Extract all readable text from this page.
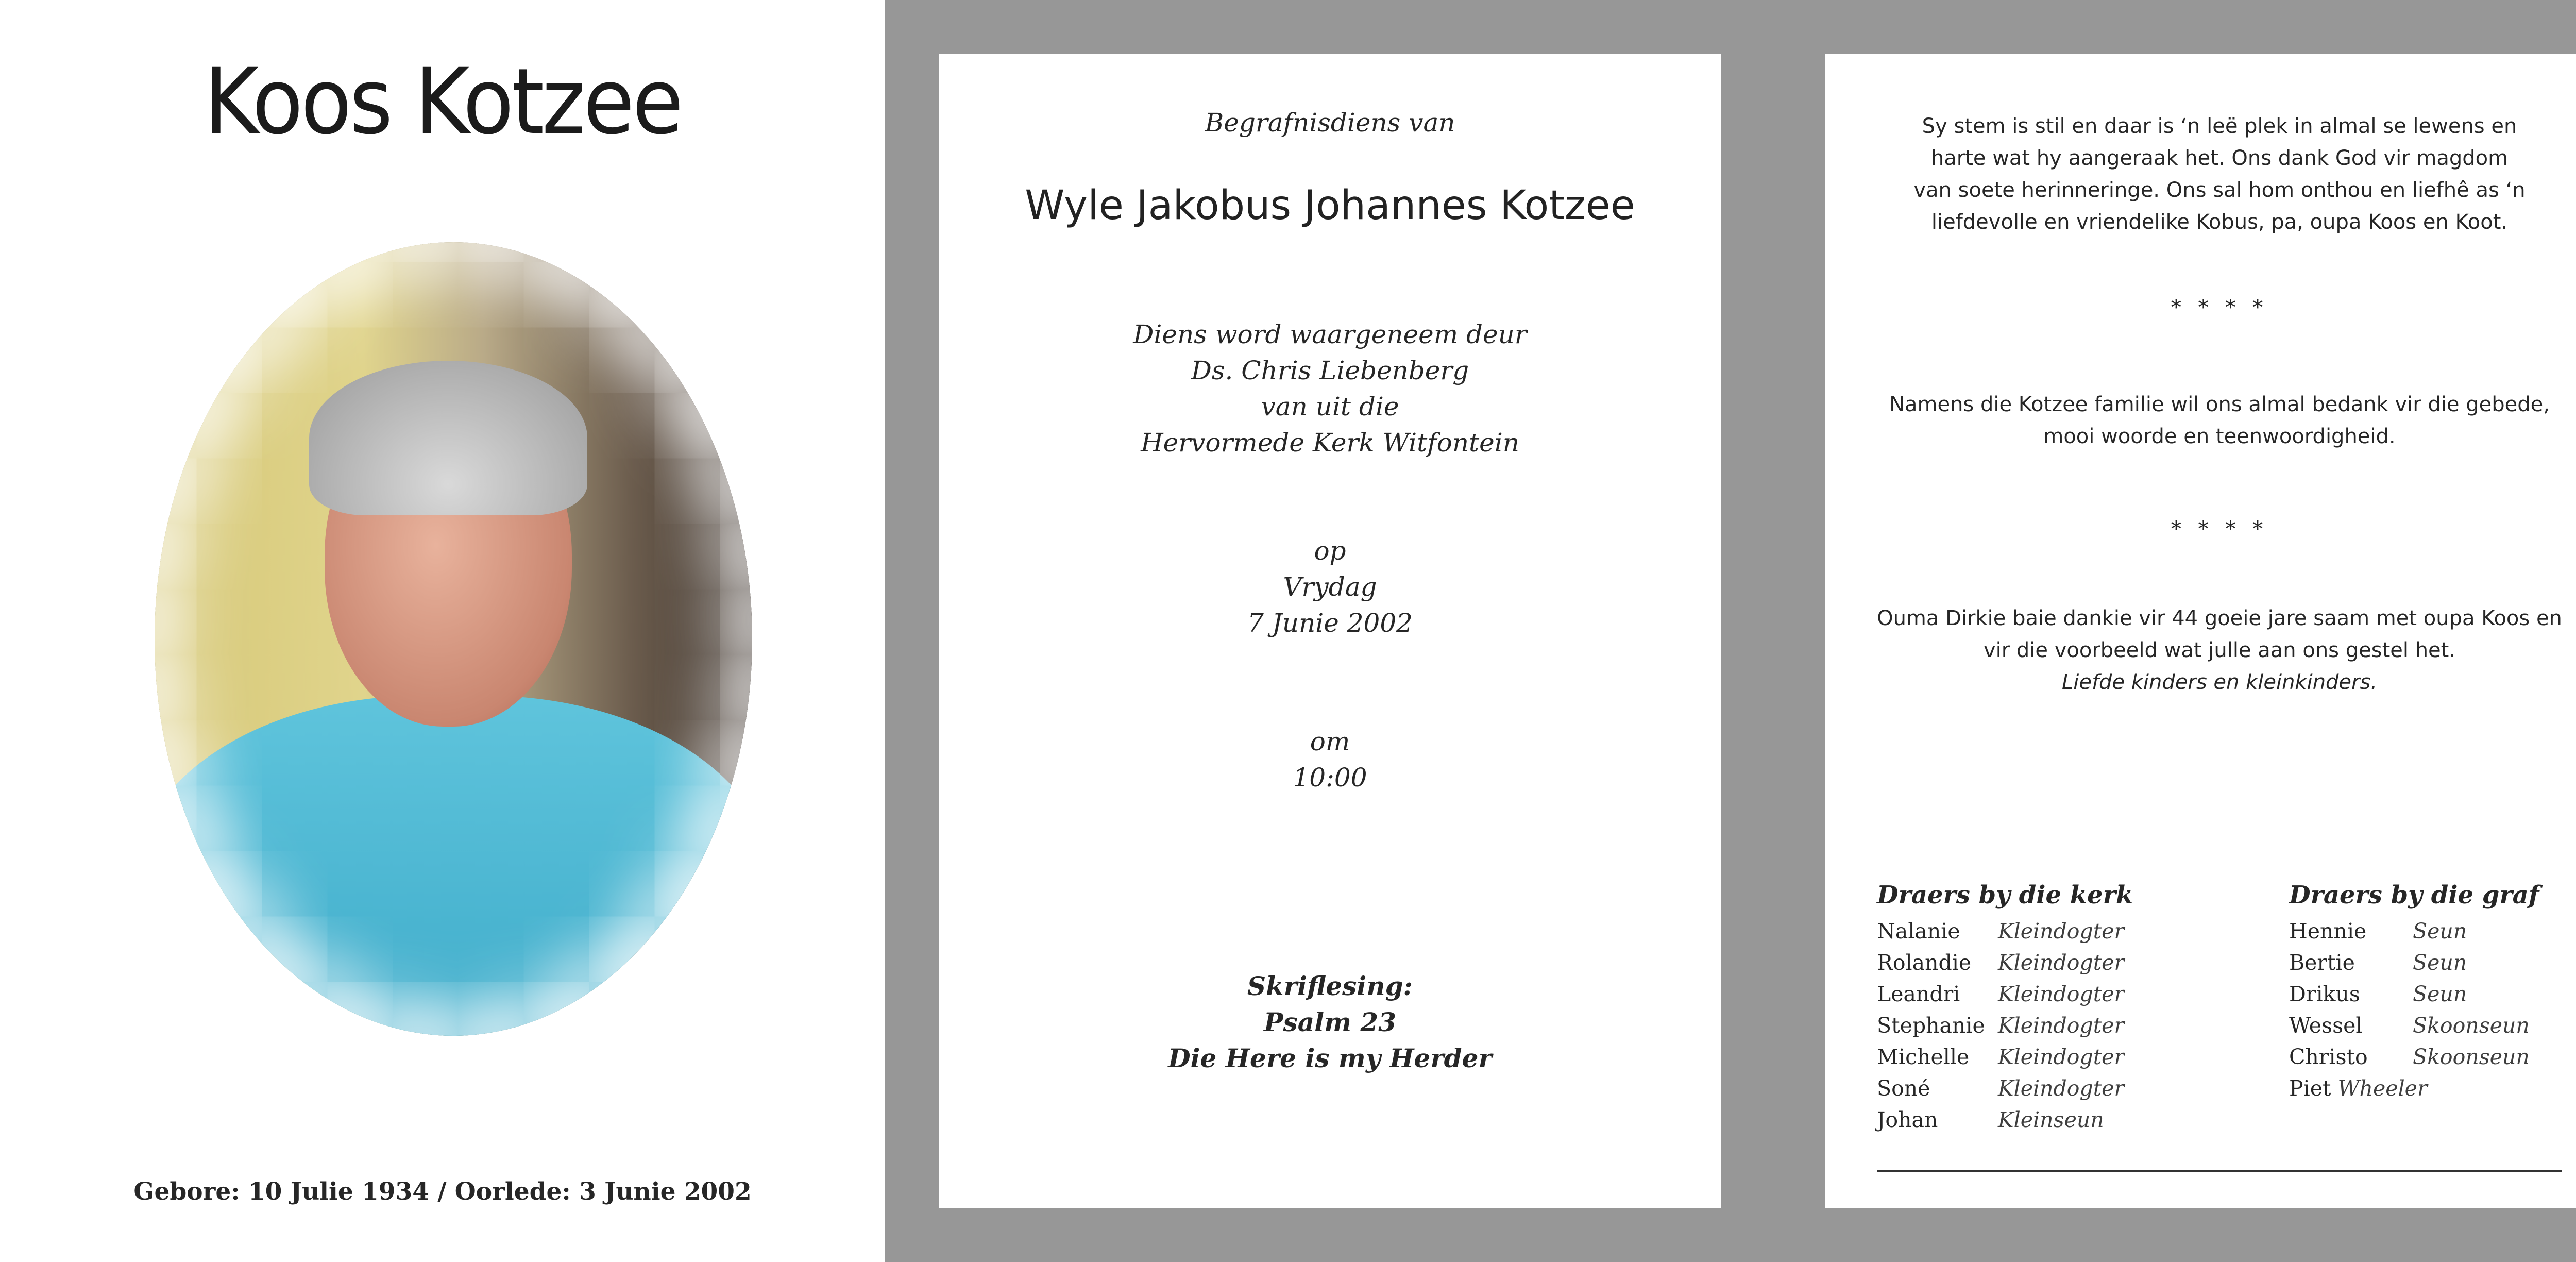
Koos Kotzee
Gebore: 10 Julie 1934 / Oorlede: 3 Junie 2002
Begrafnisdiens van
Wyle Jakobus Johannes Kotzee
Diens word waargeneem deur
Ds. Chris Liebenberg
van uit die
Hervormede Kerk Witfontein
op
Vrydag
7 Junie 2002
om
10:00
Skriflesing:
Psalm 23
Die Here is my Herder
Sy stem is stil en daar is ‘n leë plek in almal se lewens en
harte wat hy aangeraak het. Ons dank God vir magdom
van soete herinneringe. Ons sal hom onthou en liefhê as ‘n
liefdevolle en vriendelike Kobus, pa, oupa Koos en Koot.
* * * *
Namens die Kotzee familie wil ons almal bedank vir die gebede,
mooi woorde en teenwoordigheid.
* * * *
Ouma Dirkie baie dankie vir 44 goeie jare saam met oupa Koos en
vir die voorbeeld wat julle aan ons gestel het.
Liefde kinders en kleinkinders.
Draers by die kerk
Nalanie Kleindogter
Rolandie Kleindogter
Leandri Kleindogter
Stephanie Kleindogter
Michelle Kleindogter
Soné	Kleindogter
Johan	Kleinseun
Draers by die graf
Hennie Seun
Bertie	Seun
Drikus Seun
Wessel Skoonseun
Christo Skoonseun
Piet Wheeler
